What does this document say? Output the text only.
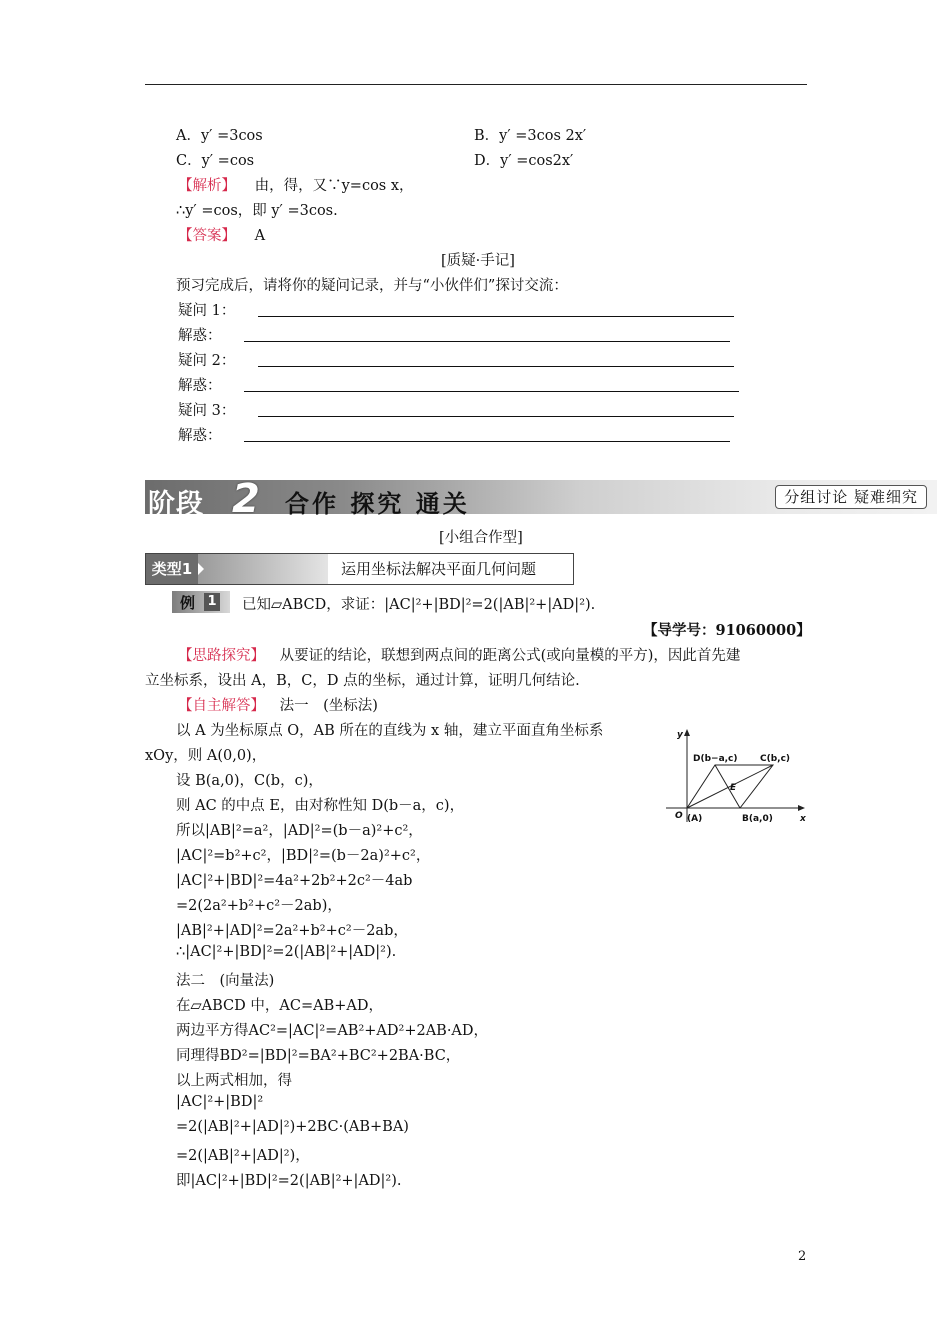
A．y′ =3cos	B．y′ =3cos 2x′
C．y′ =cos	D．y′ =cos2x′
【解析】 由，得，又∵y=cos x，
∴y′ =cos，即 y′ =3cos.
【答案】 A
[质疑·手记]
预习完成后，请将你的疑问记录，并与“小伙伴们”探讨交流：
疑问 1：
解惑：
疑问 2：
解惑：
疑问 3：
解惑：
阶段 2 合作 探究 通关	分组讨论 疑难细究
[小组合作型]
类型1	运用坐标法解决平面几何问题
例 1 已知▱ABCD，求证：|AC|²+|BD|²=2(|AB|²+|AD|²).
【导学号：91060000】
【思路探究】 从要证的结论，联想到两点间的距离公式(或向量模的平方)，因此首先建
立坐标系，设出 A，B，C，D 点的坐标，通过计算，证明几何结论.
【自主解答】 法一　(坐标法)
以 A 为坐标原点 O，AB 所在的直线为 x 轴，建立平面直角坐标系
xOy，则 A(0,0)，
设 B(a,0)，C(b，c)，
则 AC 的中点 E，由对称性知 D(b－a，c)，
所以|AB|²=a²，|AD|²=(b－a)²+c²，
|AC|²=b²+c²，|BD|²=(b－2a)²+c²，
|AC|²+|BD|²=4a²+2b²+2c²－4ab
=2(2a²+b²+c²－2ab)，
|AB|²+|AD|²=2a²+b²+c²－2ab，
∴|AC|²+|BD|²=2(|AB|²+|AD|²).
法二　(向量法)
在▱ABCD 中，AC=AB+AD，
两边平方得AC²=|AC|²=AB²+AD²+2AB·AD，
同理得BD²=|BD|²=BA²+BC²+2BA·BC，
以上两式相加，得
|AC|²+|BD|²
=2(|AB|²+|AD|²)+2BC·(AB+BA)
=2(|AB|²+|AD|²)，
即|AC|²+|BD|²=2(|AB|²+|AD|²).
y
x
O (A)	B(a,0)
C(b,c)
D(b−a,c)
E
2
